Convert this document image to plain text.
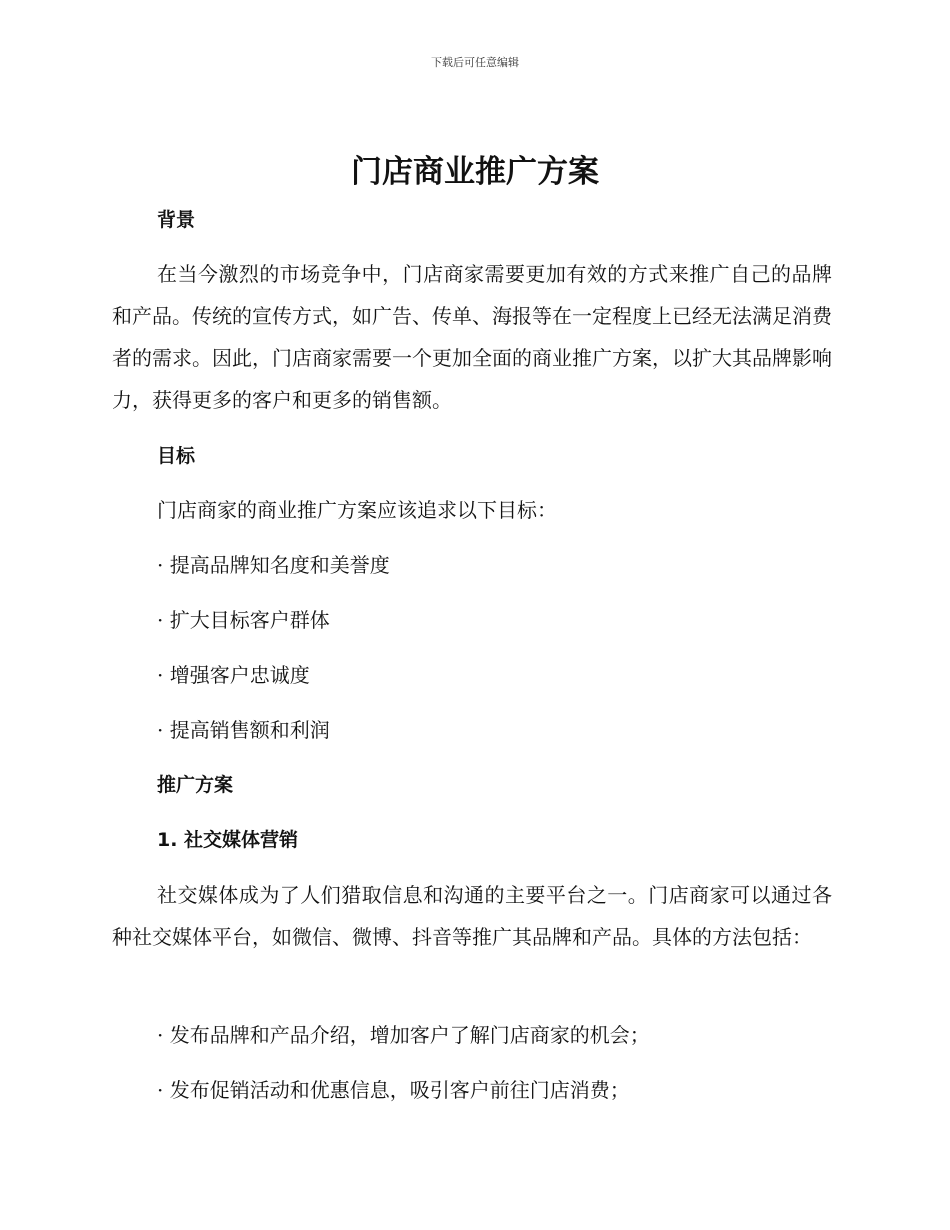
下载后可任意编辑
门店商业推广方案
背景

在当今激烈的市场竞争中，门店商家需要更加有效的方式来推广自己的品牌和产品。传统的宣传方式，如广告、传单、海报等在一定程度上已经无法满足消费者的需求。因此，门店商家需要一个更加全面的商业推广方案，以扩大其品牌影响力，获得更多的客户和更多的销售额。

目标

门店商家的商业推广方案应该追求以下目标：

· 提高品牌知名度和美誉度

· 扩大目标客户群体

· 增强客户忠诚度

· 提高销售额和利润

推广方案
1. 社交媒体营销

社交媒体成为了人们猎取信息和沟通的主要平台之一。门店商家可以通过各种社交媒体平台，如微信、微博、抖音等推广其品牌和产品。具体的方法包括：

· 发布品牌和产品介绍，增加客户了解门店商家的机会；

· 发布促销活动和优惠信息，吸引客户前往门店消费；
